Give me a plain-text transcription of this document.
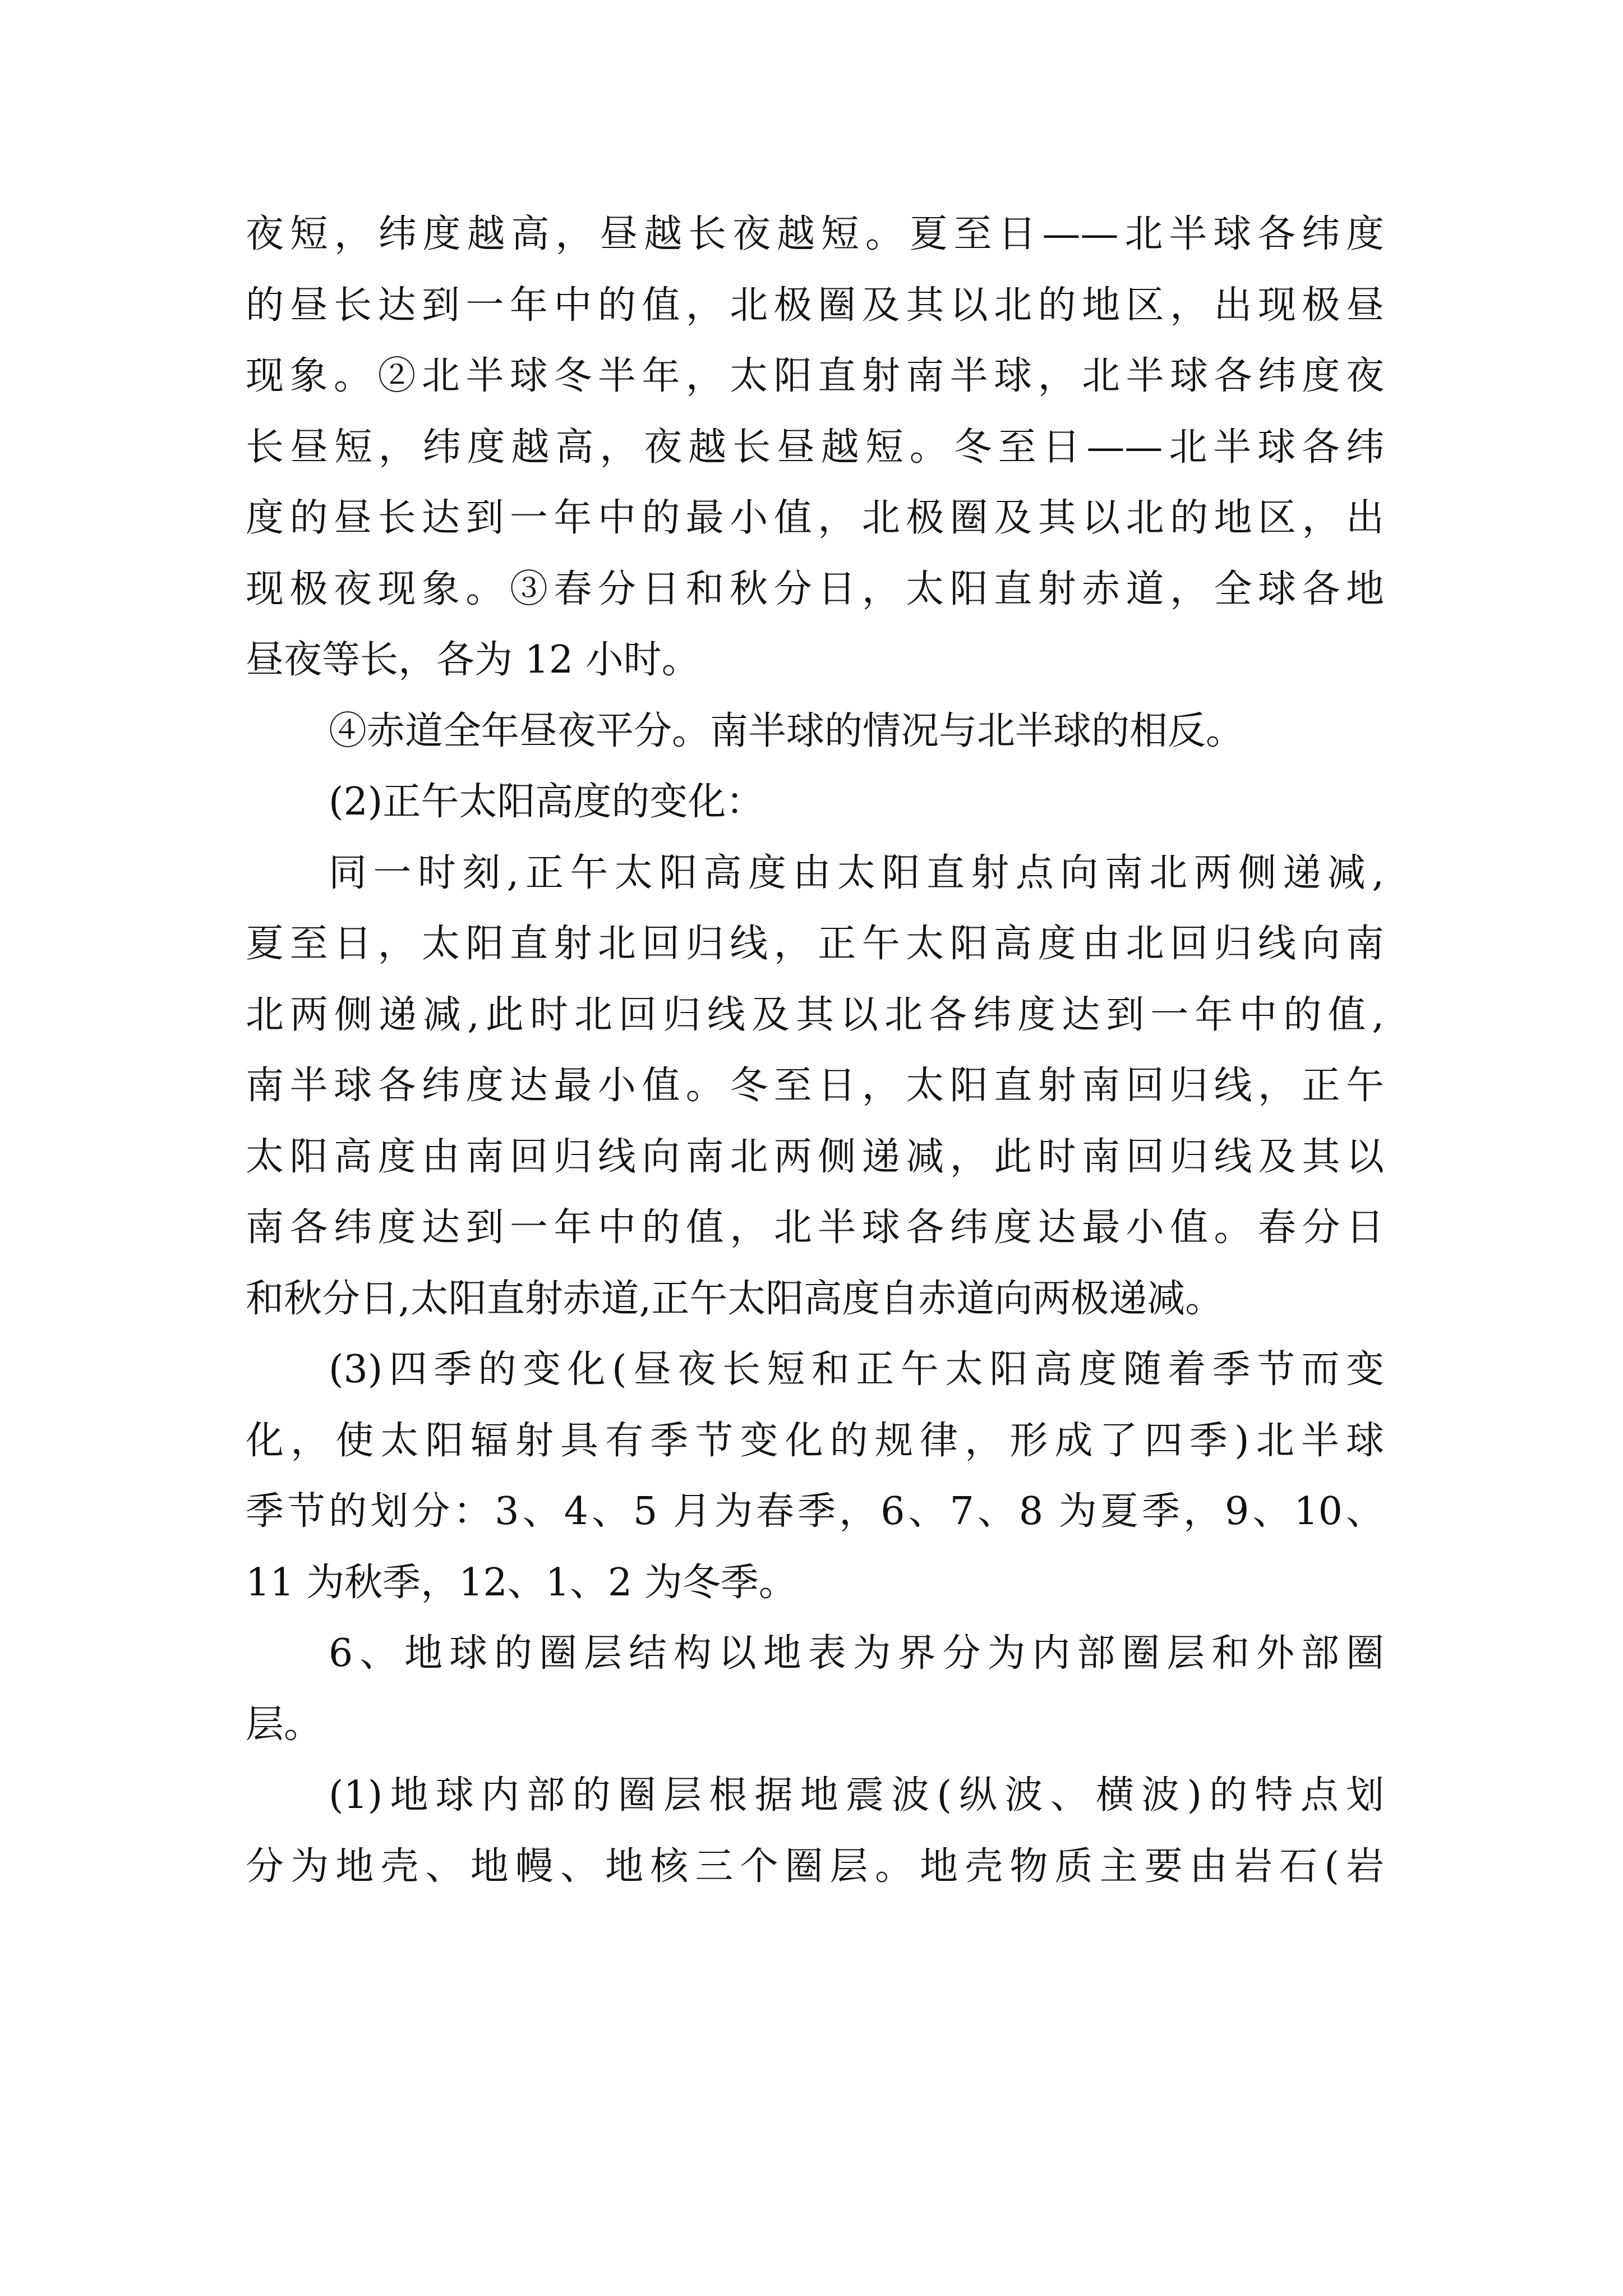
夜短，纬度越高，昼越长夜越短。夏至日——北半球各纬度
的昼长达到一年中的值，北极圈及其以北的地区，出现极昼
现象。②北半球冬半年，太阳直射南半球，北半球各纬度夜
长昼短，纬度越高，夜越长昼越短。冬至日——北半球各纬
度的昼长达到一年中的最小值，北极圈及其以北的地区，出
现极夜现象。③春分日和秋分日，太阳直射赤道，全球各地
昼夜等长，各为 12 小时。
④赤道全年昼夜平分。南半球的情况与北半球的相反。
(2)正午太阳高度的变化：
同一时刻,正午太阳高度由太阳直射点向南北两侧递减,
夏至日，太阳直射北回归线，正午太阳高度由北回归线向南
北两侧递减,此时北回归线及其以北各纬度达到一年中的值,
南半球各纬度达最小值。冬至日，太阳直射南回归线，正午
太阳高度由南回归线向南北两侧递减，此时南回归线及其以
南各纬度达到一年中的值，北半球各纬度达最小值。春分日
和秋分日,太阳直射赤道,正午太阳高度自赤道向两极递减。
(3)四季的变化(昼夜长短和正午太阳高度随着季节而变
化，使太阳辐射具有季节变化的规律，形成了四季)北半球
季节的划分：3、4、5 月为春季，6、7、8 为夏季，9、10、
11 为秋季，12、1、2 为冬季。
6、地球的圈层结构以地表为界分为内部圈层和外部圈
层。
(1)地球内部的圈层根据地震波(纵波、横波)的特点划
分为地壳、地幔、地核三个圈层。地壳物质主要由岩石(岩
